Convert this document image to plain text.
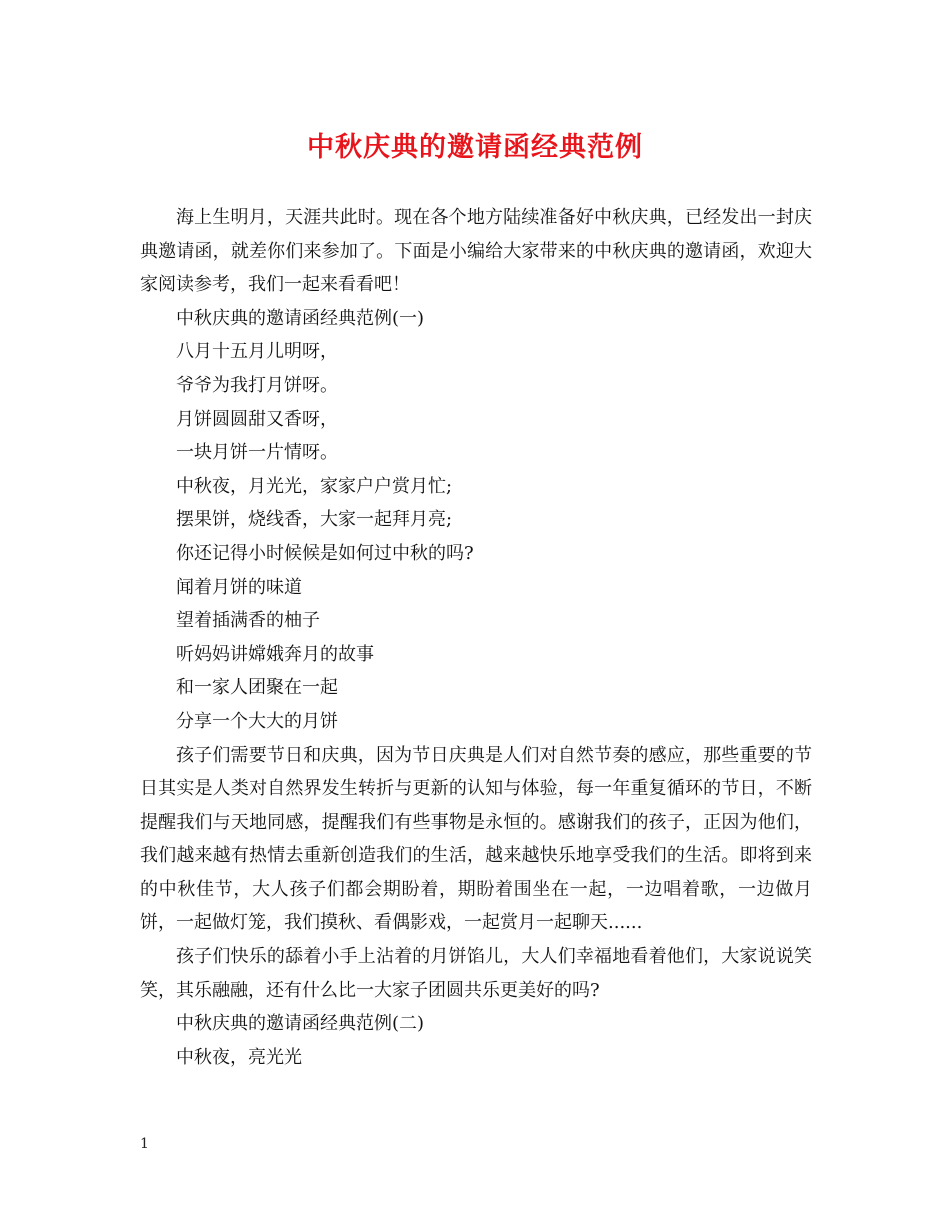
中秋庆典的邀请函经典范例

海上生明月，天涯共此时。现在各个地方陆续准备好中秋庆典，已经发出一封庆典邀请函，就差你们来参加了。下面是小编给大家带来的中秋庆典的邀请函，欢迎大家阅读参考，我们一起来看看吧！

中秋庆典的邀请函经典范例(一)

八月十五月儿明呀，

爷爷为我打月饼呀。

月饼圆圆甜又香呀，

一块月饼一片情呀。

中秋夜，月光光，家家户户赏月忙;

摆果饼，烧线香，大家一起拜月亮;

你还记得小时候候是如何过中秋的吗?

闻着月饼的味道

望着插满香的柚子

听妈妈讲嫦娥奔月的故事

和一家人团聚在一起

分享一个大大的月饼

孩子们需要节日和庆典，因为节日庆典是人们对自然节奏的感应，那些重要的节日其实是人类对自然界发生转折与更新的认知与体验，每一年重复循环的节日，不断提醒我们与天地同感，提醒我们有些事物是永恒的。感谢我们的孩子，正因为他们，我们越来越有热情去重新创造我们的生活，越来越快乐地享受我们的生活。即将到来的中秋佳节，大人孩子们都会期盼着，期盼着围坐在一起，一边唱着歌，一边做月饼，一起做灯笼，我们摸秋、看偶影戏，一起赏月一起聊天......

孩子们快乐的舔着小手上沾着的月饼馅儿，大人们幸福地看着他们，大家说说笑笑，其乐融融，还有什么比一大家子团圆共乐更美好的吗?

中秋庆典的邀请函经典范例(二)

中秋夜，亮光光

1
